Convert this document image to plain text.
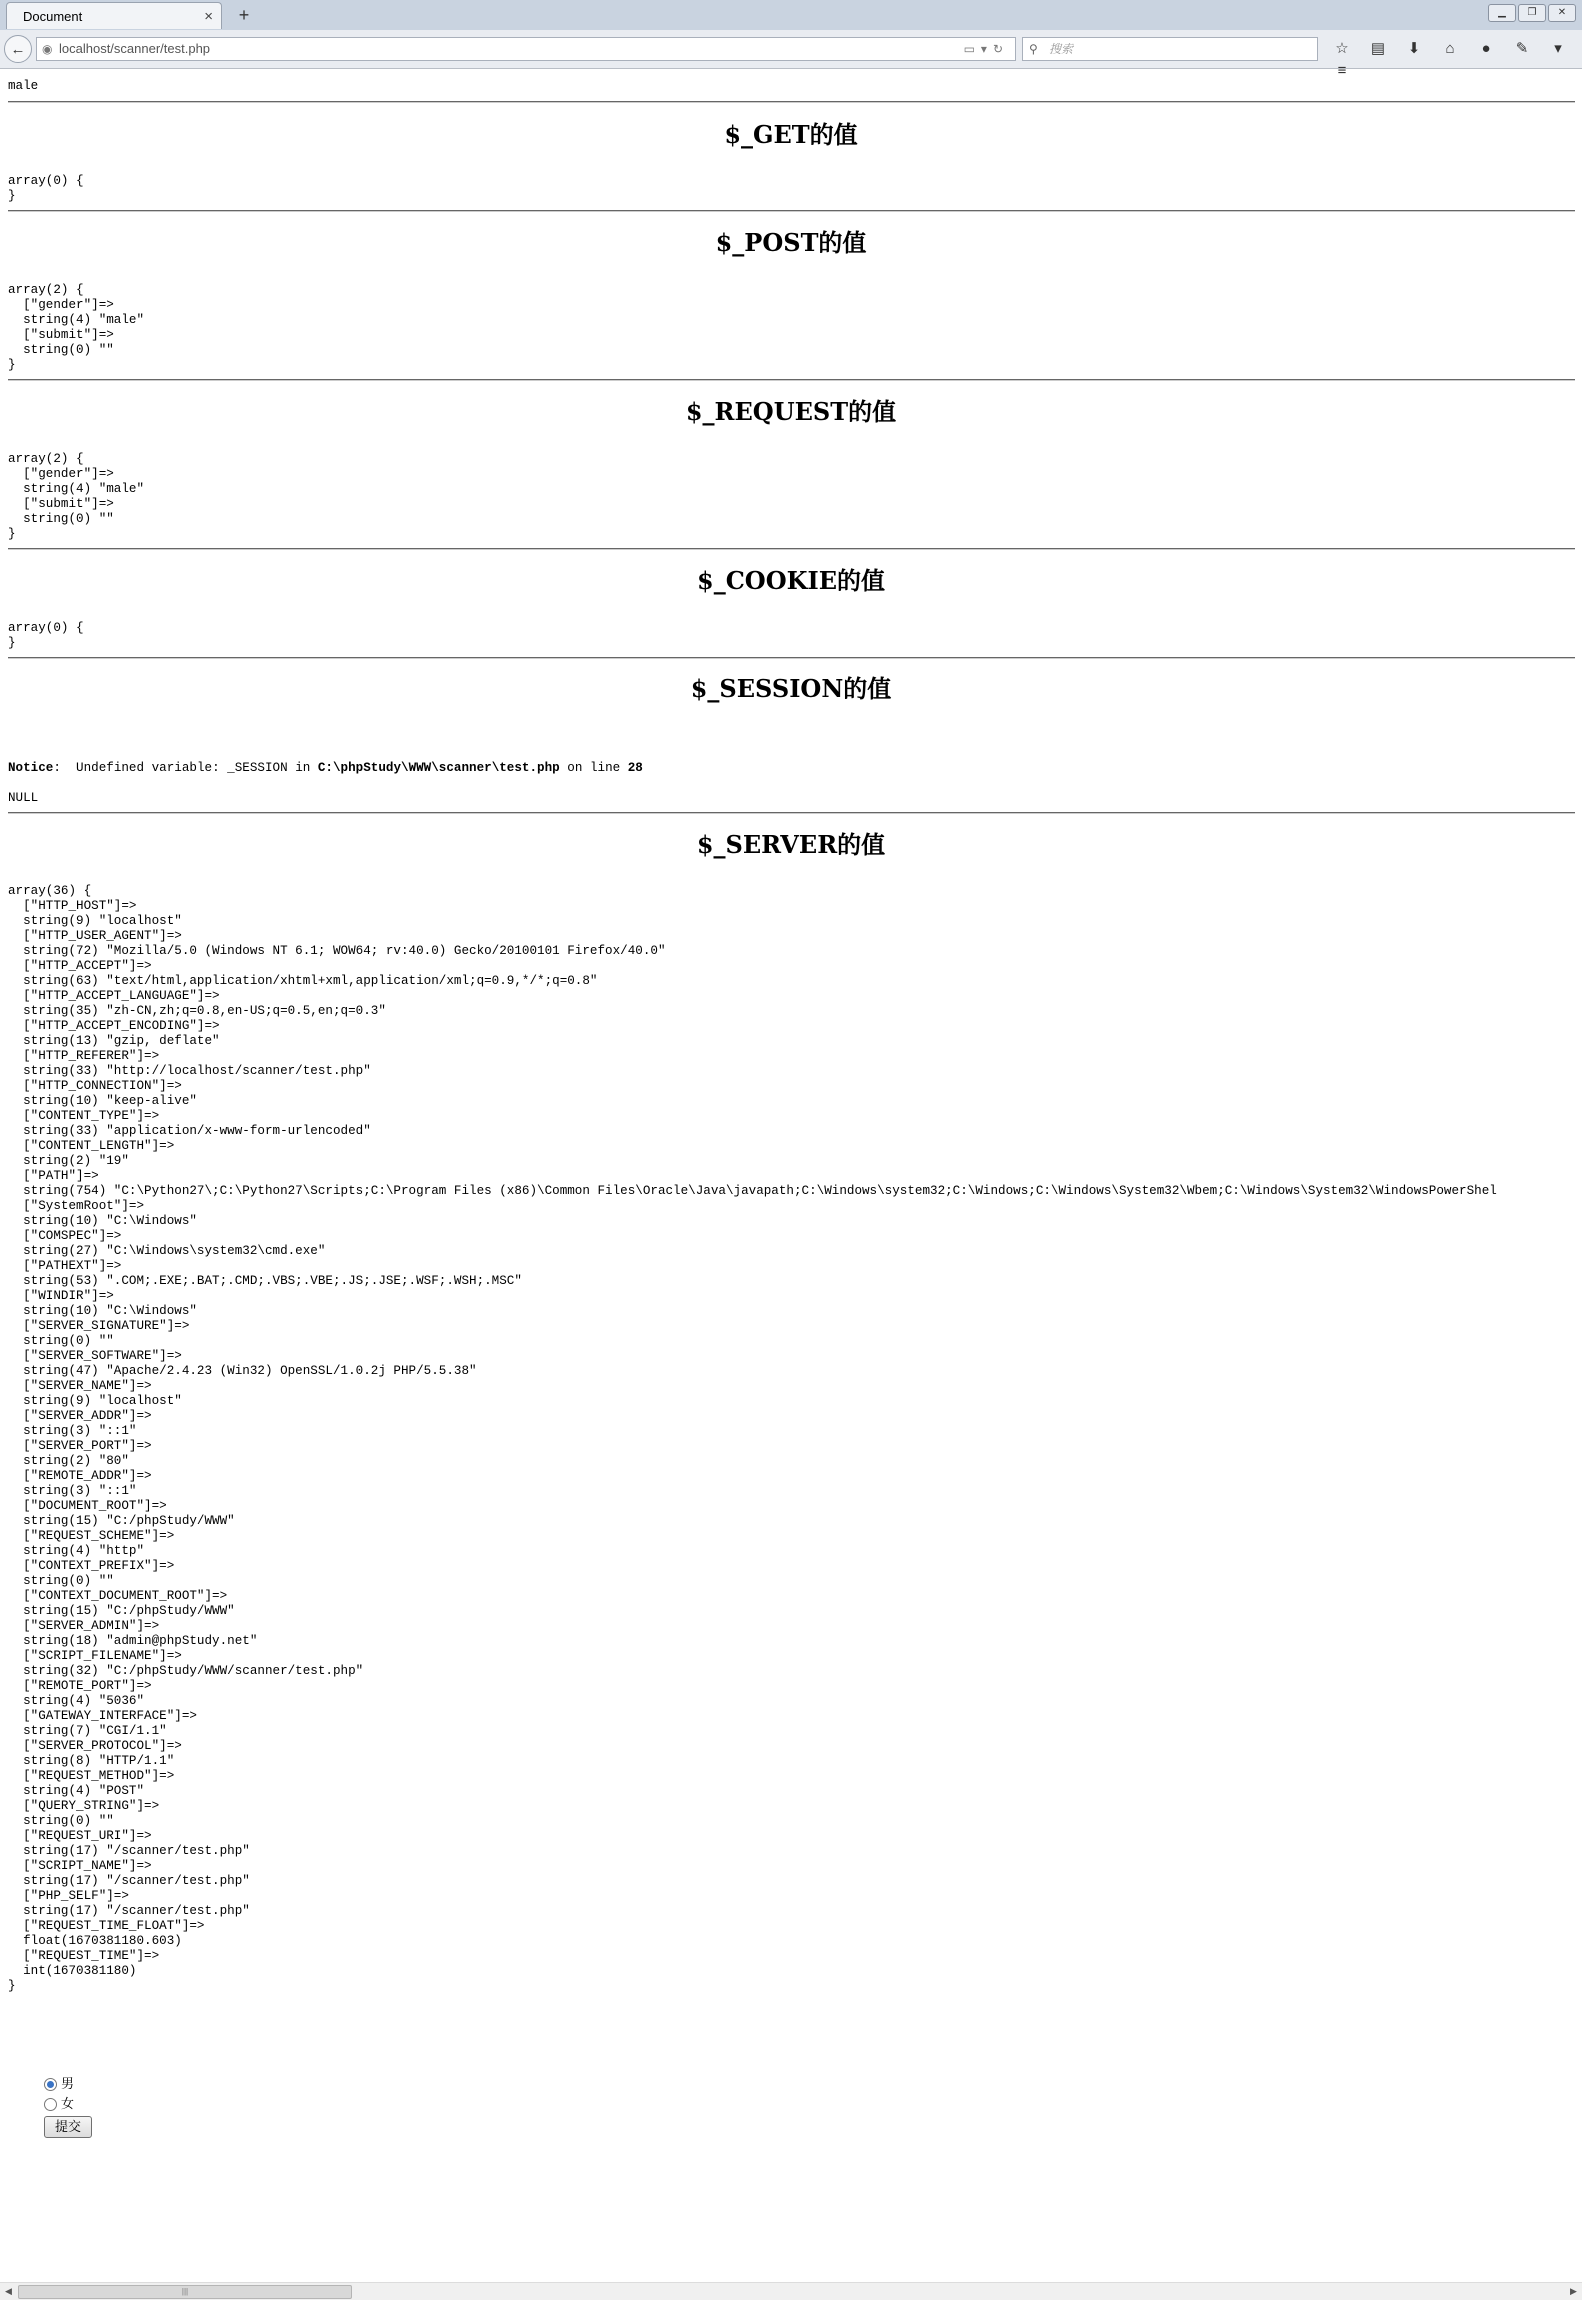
Document	×	+	▁ ❐ ✕
←	◉ localhost/scanner/test.php	▭▾↻ ⚲ 搜索	☆ ▤ ⬇ ⌂ ● ✎ ▾≡
male
$_GET的值
array(0) {
}
$_POST的值
array(2) {
["gender"]=>
string(4) "male"
["submit"]=>
string(0) ""
}
$_REQUEST的值
array(2) {
["gender"]=>
string(4) "male"
["submit"]=>
string(0) ""
}
$_COOKIE的值
array(0) {
}
$_SESSION的值
Notice:  Undefined variable: _SESSION in C:\phpStudy\WWW\scanner\test.php on line 28
NULL
$_SERVER的值
array(36) {
["HTTP_HOST"]=>
string(9) "localhost"
["HTTP_USER_AGENT"]=>
string(72) "Mozilla/5.0 (Windows NT 6.1; WOW64; rv:40.0) Gecko/20100101 Firefox/40.0"
["HTTP_ACCEPT"]=>
string(63) "text/html,application/xhtml+xml,application/xml;q=0.9,*/*;q=0.8"
["HTTP_ACCEPT_LANGUAGE"]=>
string(35) "zh-CN,zh;q=0.8,en-US;q=0.5,en;q=0.3"
["HTTP_ACCEPT_ENCODING"]=>
string(13) "gzip, deflate"
["HTTP_REFERER"]=>
string(33) "http://localhost/scanner/test.php"
["HTTP_CONNECTION"]=>
string(10) "keep-alive"
["CONTENT_TYPE"]=>
string(33) "application/x-www-form-urlencoded"
["CONTENT_LENGTH"]=>
string(2) "19"
["PATH"]=>
string(754) "C:\Python27\;C:\Python27\Scripts;C:\Program Files (x86)\Common Files\Oracle\Java\javapath;C:\Windows\system32;C:\Windows;C:\Windows\System32\Wbem;C:\Windows\System32\WindowsPowerShel
["SystemRoot"]=>
string(10) "C:\Windows"
["COMSPEC"]=>
string(27) "C:\Windows\system32\cmd.exe"
["PATHEXT"]=>
string(53) ".COM;.EXE;.BAT;.CMD;.VBS;.VBE;.JS;.JSE;.WSF;.WSH;.MSC"
["WINDIR"]=>
string(10) "C:\Windows"
["SERVER_SIGNATURE"]=>
string(0) ""
["SERVER_SOFTWARE"]=>
string(47) "Apache/2.4.23 (Win32) OpenSSL/1.0.2j PHP/5.5.38"
["SERVER_NAME"]=>
string(9) "localhost"
["SERVER_ADDR"]=>
string(3) "::1"
["SERVER_PORT"]=>
string(2) "80"
["REMOTE_ADDR"]=>
string(3) "::1"
["DOCUMENT_ROOT"]=>
string(15) "C:/phpStudy/WWW"
["REQUEST_SCHEME"]=>
string(4) "http"
["CONTEXT_PREFIX"]=>
string(0) ""
["CONTEXT_DOCUMENT_ROOT"]=>
string(15) "C:/phpStudy/WWW"
["SERVER_ADMIN"]=>
string(18) "admin@phpStudy.net"
["SCRIPT_FILENAME"]=>
string(32) "C:/phpStudy/WWW/scanner/test.php"
["REMOTE_PORT"]=>
string(4) "5036"
["GATEWAY_INTERFACE"]=>
string(7) "CGI/1.1"
["SERVER_PROTOCOL"]=>
string(8) "HTTP/1.1"
["REQUEST_METHOD"]=>
string(4) "POST"
["QUERY_STRING"]=>
string(0) ""
["REQUEST_URI"]=>
string(17) "/scanner/test.php"
["SCRIPT_NAME"]=>
string(17) "/scanner/test.php"
["PHP_SELF"]=>
string(17) "/scanner/test.php"
["REQUEST_TIME_FLOAT"]=>
float(1670381180.603)
["REQUEST_TIME"]=>
int(1670381180)
}
男
女
提交
◀	|||	▶
